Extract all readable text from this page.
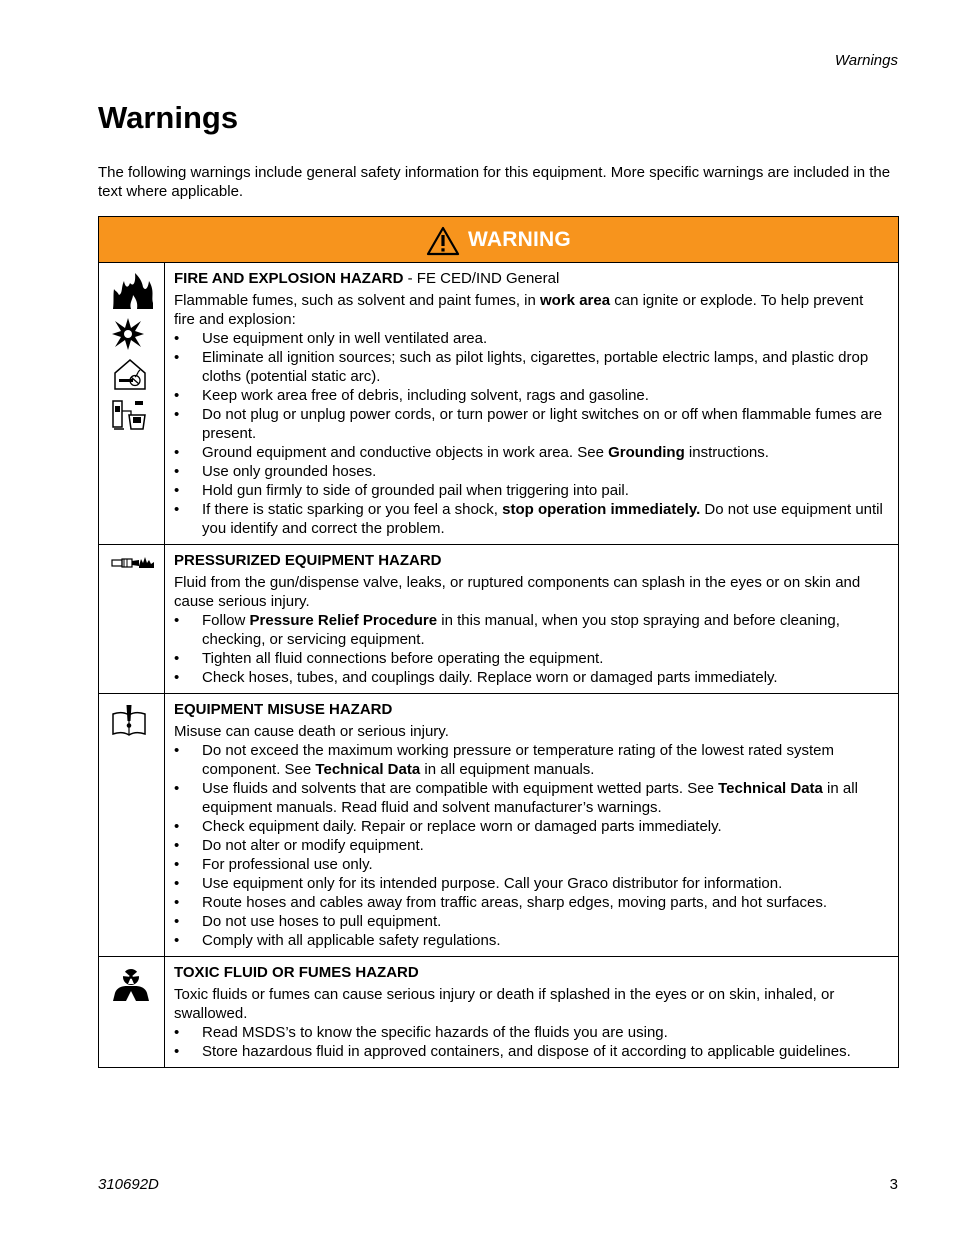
Warnings
Warnings

The following warnings include general safety information for this equipment. More specific warnings are included in the text where applicable.

WARNING
FIRE AND EXPLOSION HAZARD - FE CED/IND General
Flammable fumes, such as solvent and paint fumes, in work area can ignite or explode. To help prevent fire and explosion:
• Use equipment only in well ventilated area.
• Eliminate all ignition sources; such as pilot lights, cigarettes, portable electric lamps, and plastic drop cloths (potential static arc).
• Keep work area free of debris, including solvent, rags and gasoline.
• Do not plug or unplug power cords, or turn power or light switches on or off when flammable fumes are present.
• Ground equipment and conductive objects in work area. See Grounding instructions.
• Use only grounded hoses.
• Hold gun firmly to side of grounded pail when triggering into pail.
• If there is static sparking or you feel a shock, stop operation immediately. Do not use equipment until you identify and correct the problem.
PRESSURIZED EQUIPMENT HAZARD
Fluid from the gun/dispense valve, leaks, or ruptured components can splash in the eyes or on skin and cause serious injury.
• Follow Pressure Relief Procedure in this manual, when you stop spraying and before cleaning, checking, or servicing equipment.
• Tighten all fluid connections before operating the equipment.
• Check hoses, tubes, and couplings daily. Replace worn or damaged parts immediately.
EQUIPMENT MISUSE HAZARD
Misuse can cause death or serious injury.
• Do not exceed the maximum working pressure or temperature rating of the lowest rated system component. See Technical Data in all equipment manuals.
• Use fluids and solvents that are compatible with equipment wetted parts. See Technical Data in all equipment manuals. Read fluid and solvent manufacturer’s warnings.
• Check equipment daily. Repair or replace worn or damaged parts immediately.
• Do not alter or modify equipment.
• For professional use only.
• Use equipment only for its intended purpose. Call your Graco distributor for information.
• Route hoses and cables away from traffic areas, sharp edges, moving parts, and hot surfaces.
• Do not use hoses to pull equipment.
• Comply with all applicable safety regulations.
TOXIC FLUID OR FUMES HAZARD
Toxic fluids or fumes can cause serious injury or death if splashed in the eyes or on skin, inhaled, or swallowed.
• Read MSDS’s to know the specific hazards of the fluids you are using.
• Store hazardous fluid in approved containers, and dispose of it according to applicable guidelines.
310692D	3
